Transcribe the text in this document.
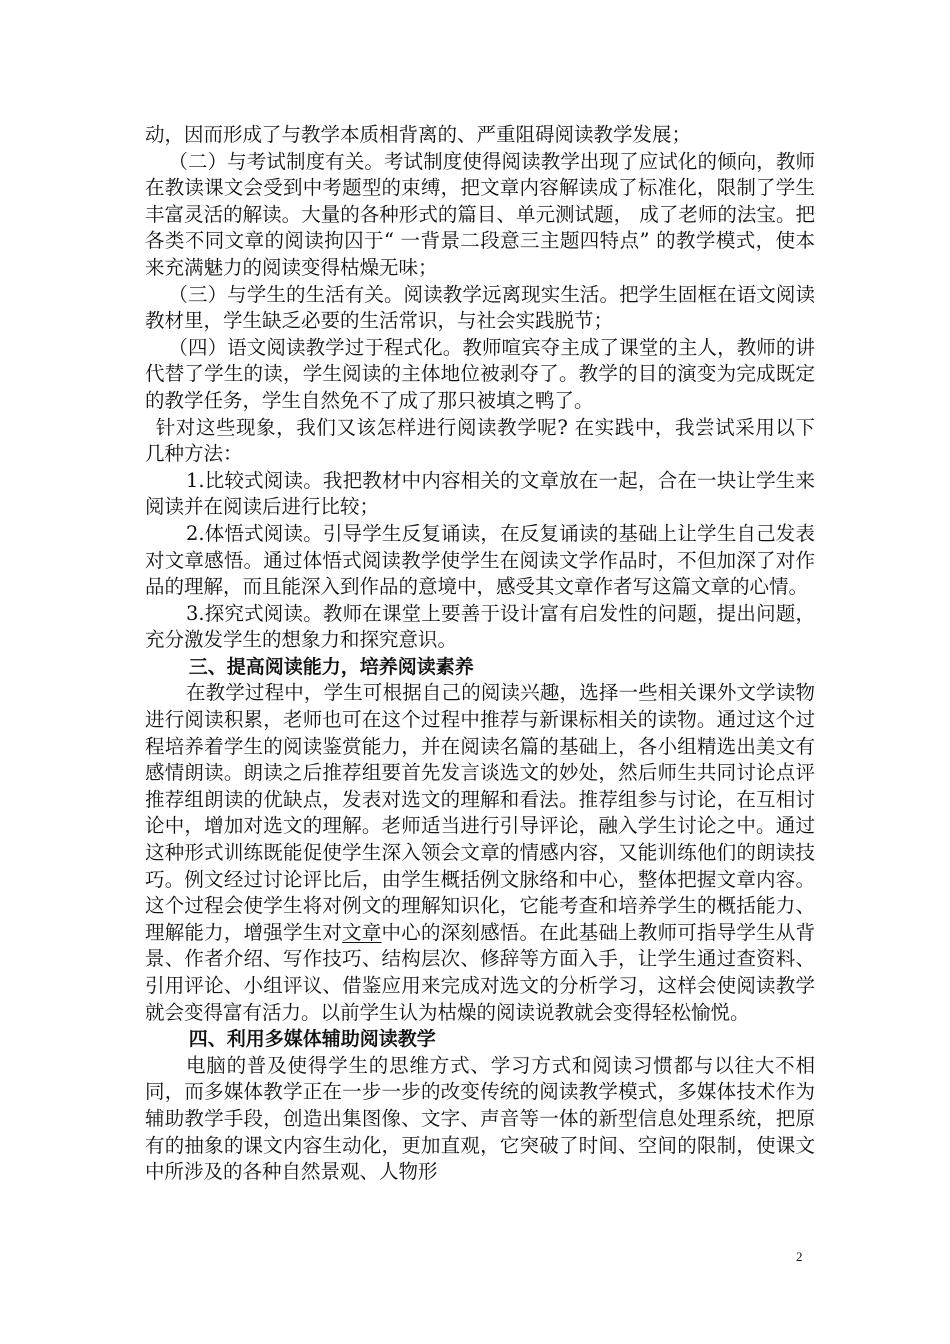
动，因而形成了与教学本质相背离的、严重阻碍阅读教学发展；

（二）与考试制度有关。考试制度使得阅读教学出现了应试化的倾向，教师在教读课文会受到中考题型的束缚，把文章内容解读成了标准化，限制了学生丰富灵活的解读。大量的各种形式的篇目、单元测试题， 成了老师的法宝。把各类不同文章的阅读拘囚于“ 一背景二段意三主题四特点” 的教学模式，使本来充满魅力的阅读变得枯燥无味；

（三）与学生的生活有关。阅读教学远离现实生活。把学生固框在语文阅读教材里，学生缺乏必要的生活常识，与社会实践脱节；

（四）语文阅读教学过于程式化。教师喧宾夺主成了课堂的主人，教师的讲代替了学生的读，学生阅读的主体地位被剥夺了。教学的目的演变为完成既定的教学任务，学生自然免不了成了那只被填之鸭了。

针对这些现象，我们又该怎样进行阅读教学呢? 在实践中，我尝试采用以下几种方法：

1.比较式阅读。我把教材中内容相关的文章放在一起，合在一块让学生来阅读并在阅读后进行比较；

2.体悟式阅读。引导学生反复诵读，在反复诵读的基础上让学生自己发表对文章感悟。通过体悟式阅读教学使学生在阅读文学作品时，不但加深了对作品的理解，而且能深入到作品的意境中，感受其文章作者写这篇文章的心情。

3.探究式阅读。教师在课堂上要善于设计富有启发性的问题，提出问题，充分激发学生的想象力和探究意识。

三、提高阅读能力，培养阅读素养

在教学过程中，学生可根据自己的阅读兴趣，选择一些相关课外文学读物进行阅读积累，老师也可在这个过程中推荐与新课标相关的读物。通过这个过程培养着学生的阅读鉴赏能力，并在阅读名篇的基础上，各小组精选出美文有感情朗读。朗读之后推荐组要首先发言谈选文的妙处，然后师生共同讨论点评推荐组朗读的优缺点，发表对选文的理解和看法。推荐组参与讨论，在互相讨论中，增加对选文的理解。老师适当进行引导评论，融入学生讨论之中。通过这种形式训练既能促使学生深入领会文章的情感内容，又能训练他们的朗读技巧。例文经过讨论评比后，由学生概括例文脉络和中心，整体把握文章内容。这个过程会使学生将对例文的理解知识化，它能考查和培养学生的概括能力、理解能力，增强学生对文章中心的深刻感悟。在此基础上教师可指导学生从背景、作者介绍、写作技巧、结构层次、修辞等方面入手，让学生通过查资料、引用评论、小组评议、借鉴应用来完成对选文的分析学习，这样会使阅读教学就会变得富有活力。以前学生认为枯燥的阅读说教就会变得轻松愉悦。

四、利用多媒体辅助阅读教学

电脑的普及使得学生的思维方式、学习方式和阅读习惯都与以往大不相同，而多媒体教学正在一步一步的改变传统的阅读教学模式，多媒体技术作为辅助教学手段，创造出集图像、文字、声音等一体的新型信息处理系统，把原有的抽象的课文内容生动化，更加直观，它突破了时间、空间的限制，使课文中所涉及的各种自然景观、人物形

2
